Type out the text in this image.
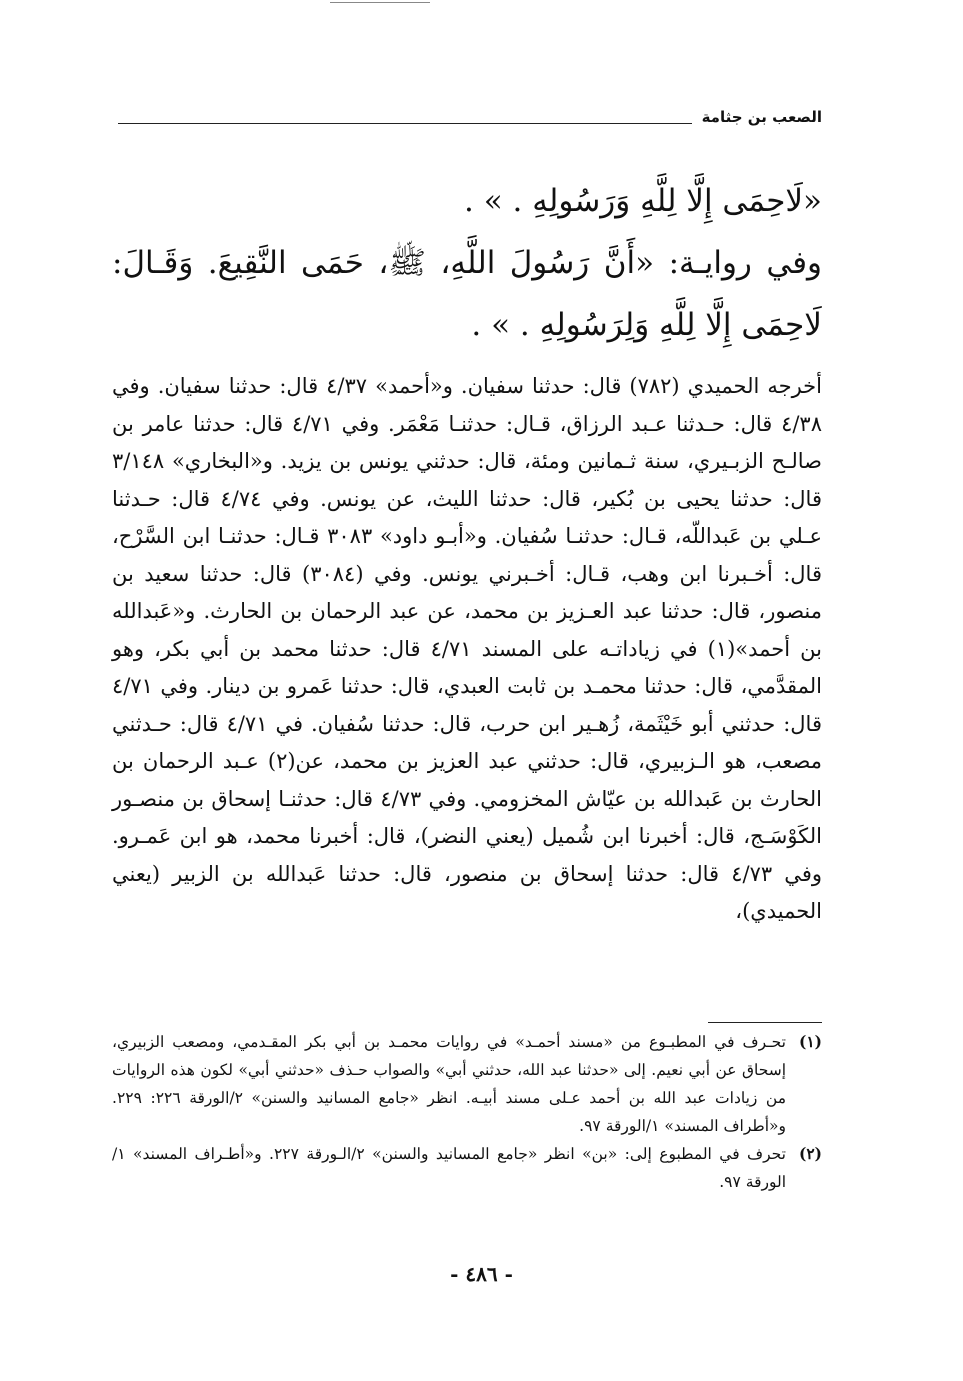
الصعب بن جثامة

«لَاحِمَى إِلَّا لِلَّهِ وَرَسُولِهِ . » .

وفي روايـة: «أَنَّ رَسُولَ اللَّهِ، ﷺ، حَمَى النَّقِيعَ. وَقَـالَ: لَاحِمَى إِلَّا لِلَّهِ وَلِرَسُولِهِ . » .

أخرجه الحميدي (٧٨٢) قال: حدثنا سفيان. و«أحمد» ٤/٣٧ قال: حدثنا سفيان. وفي ٤/٣٨ قال: حـدثنا عـبد الرزاق، قـال: حدثنـا مَعْمَر. وفي ٤/٧١ قال: حدثنا عامر بن صالـح الزبـيري، سنة ثـمانين ومئة، قال: حدثني يونس بن يزيد. و«البخاري» ٣/١٤٨ قال: حدثنا يحيى بن بُكير، قال: حدثنا الليث، عن يونس. وفي ٤/٧٤ قال: حـدثنا عـلي بن عَبداللّه، قـال: حدثنـا سُفيان. و«أبـو داود» ٣٠٨٣ قـال: حدثنـا ابن السَّرْح، قال: أخـبرنا ابن وهب، قـال: أخـبرني يونس. وفي (٣٠٨٤) قال: حدثنا سعيد بن منصور، قال: حدثنا عبد العـزيز بن محمد، عن عبد الرحمان بن الحارث. و«عَبدالله بن أحمد»(١) في زياداتـه على المسند ٤/٧١ قال: حدثنا محمد بن أبي بكر، وهو المقدَّمي، قال: حدثنا محمـد بن ثابت العبدي، قال: حدثنا عَمرو بن دينار. وفي ٤/٧١ قال: حدثني أبو خَيْثَمة، زُهـير ابن حرب، قال: حدثنا سُفيان. في ٤/٧١ قال: حـدثني مصعب، هو الـزبيري، قال: حدثني عبد العزيز بن محمد، عن(٢) عـبد الرحمان بن الحارث بن عَبدالله بن عيّاش المخزومي. وفي ٤/٧٣ قال: حدثنـا إسحاق بن منصـور الكَوْسَـج، قال: أخبرنا ابن شُميل (يعني النضر)، قال: أخبرنا محمد، هو ابن عَمـرو. وفي ٤/٧٣ قال: حدثنا إسحاق بن منصور، قال: حدثنا عَبدالله بن الزبير (يعني الحميدي)،

(١)
تحـرف في المطبـوع من «مسند أحمـد» في روايات محمـد بن أبي بكر المقـدمي، ومصعب الزبيري، إسحاق عن أبي نعيم. إلى «حدثنا عبد الله، حدثني أبي» والصواب حـذف «حدثني أبي» لكون هذه الروايات من زيادات عبد الله بن أحمد عـلى مسند أبيـه. انظر «جامع المسانيد والسنن» ٢/الورقة ٢٢٦: ٢٢٩. و«أطراف المسند» ١/الورقة ٩٧.
(٢)
تحرف في المطبوع إلى: «بن» انظر «جامع المسانيد والسنن» ٢/الـورقة ٢٢٧. و«أطـراف المسند» ١/الورقة ٩٧.
- ٤٨٦ -
